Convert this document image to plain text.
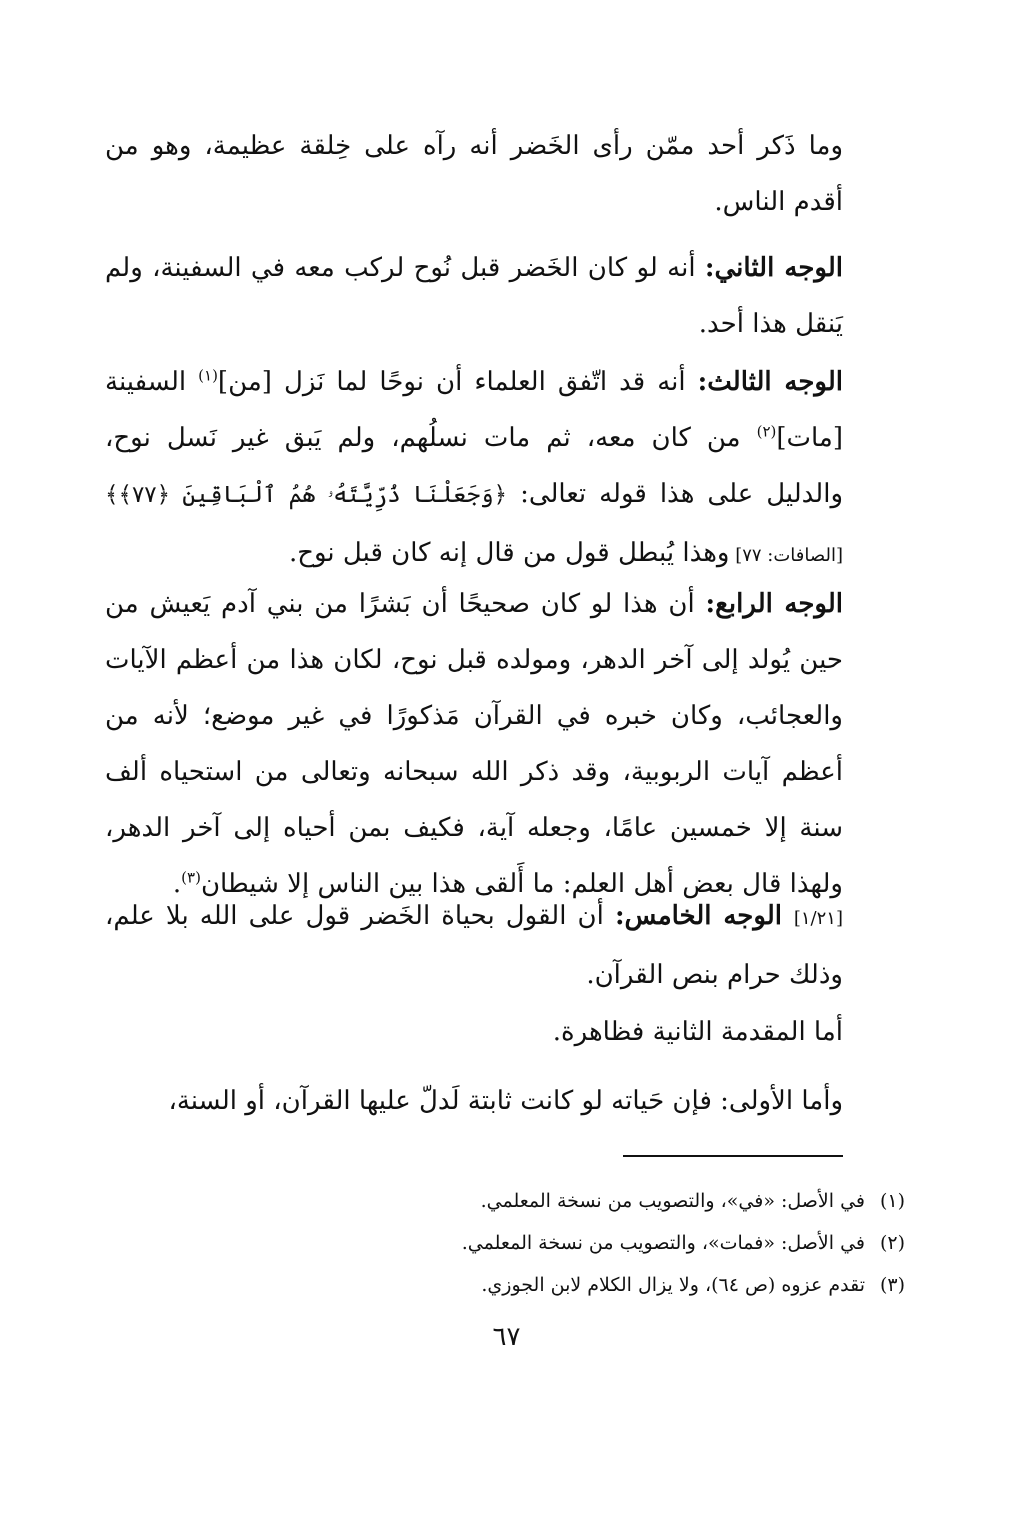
وما ذَكر أحد ممّن رأى الخَضر أنه رآه على خِلقة عظيمة، وهو من أقدم الناس.

الوجه الثاني: أنه لو كان الخَضر قبل نُوح لركب معه في السفينة، ولم يَنقل هذا أحد.

الوجه الثالث: أنه قد اتّفق العلماء أن نوحًا لما نَزل [من]$^{(١)}$ السفينة [مات]$^{(٢)}$ من كان معه، ثم مات نسلُهم، ولم يَبق غير نَسل نوح، والدليل على هذا قوله تعالى: ﴿وَجَعَلْنَا ذُرِّيَّتَهُۥ هُمُ ٱلْبَاقِينَ ﴿٧٧﴾﴾ [الصافات: ٧٧] وهذا يُبطل قول من قال إنه كان قبل نوح.

الوجه الرابع: أن هذا لو كان صحيحًا أن بَشرًا من بني آدم يَعيش من حين يُولد إلى آخر الدهر، ومولده قبل نوح، لكان هذا من أعظم الآيات والعجائب، وكان خبره في القرآن مَذكورًا في غير موضع؛ لأنه من أعظم آيات الربوبية، وقد ذكر الله سبحانه وتعالى من استحياه ألف سنة إلا خمسين عامًا، وجعله آية، فكيف بمن أحياه إلى آخر الدهر، ولهذا قال بعض أهل العلم: ما أَلقى هذا بين الناس إلا شيطان$^{(٣)}$.

[١/٢١] الوجه الخامس: أن القول بحياة الخَضر قول على الله بلا علم، وذلك حرام بنص القرآن.

أما المقدمة الثانية فظاهرة.

وأما الأولى: فإن حَياته لو كانت ثابتة لَدلّ عليها القرآن، أو السنة،

(١)في الأصل: «في»، والتصويب من نسخة المعلمي.
(٢)في الأصل: «فمات»، والتصويب من نسخة المعلمي.
(٣)تقدم عزوه (ص ٦٤)، ولا يزال الكلام لابن الجوزي.
٦٧
